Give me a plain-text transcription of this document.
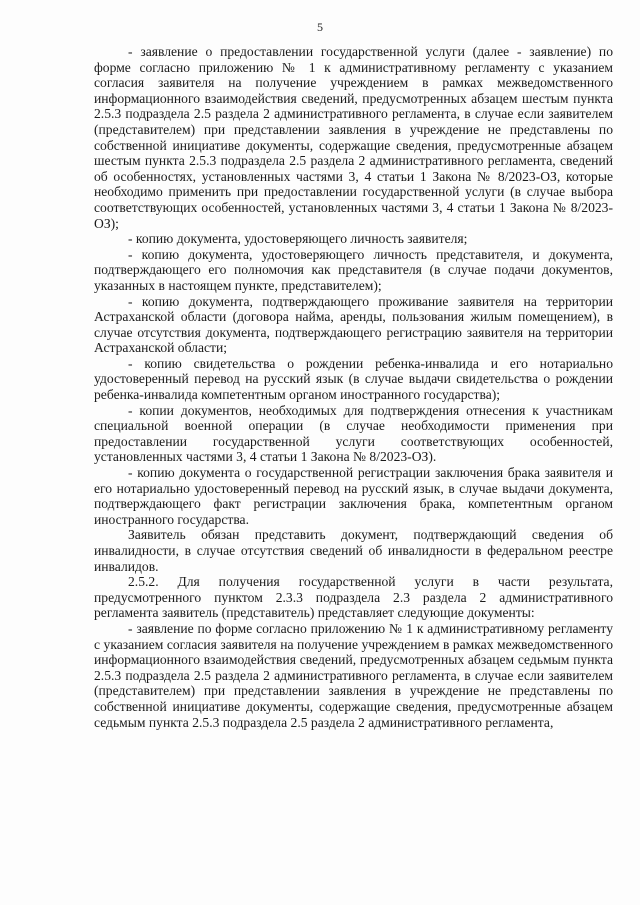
5

- заявление о предоставлении государственной услуги (далее - заявление) по форме согласно приложению № 1 к административному регламенту с указанием согласия заявителя на получение учреждением в рамках межведомственного информационного взаимодействия сведений, предусмотренных абзацем шестым пункта 2.5.3 подраздела 2.5 раздела 2 административного регламента, в случае если заявителем (представителем) при представлении заявления в учреждение не представлены по собственной инициативе документы, содержащие сведения, предусмотренные абзацем шестым пункта 2.5.3 подраздела 2.5 раздела 2 административного регламента, сведений об особенностях, установленных частями 3, 4 статьи 1 Закона № 8/2023-ОЗ, которые необходимо применить при предоставлении государственной услуги (в случае выбора соответствующих особенностей, установленных частями 3, 4 статьи 1 Закона № 8/2023-ОЗ);

- копию документа, удостоверяющего личность заявителя;

- копию документа, удостоверяющего личность представителя, и документа, подтверждающего его полномочия как представителя (в случае подачи документов, указанных в настоящем пункте, представителем);

- копию документа, подтверждающего проживание заявителя на территории Астраханской области (договора найма, аренды, пользования жилым помещением), в случае отсутствия документа, подтверждающего регистрацию заявителя на территории Астраханской области;

- копию свидетельства о рождении ребенка-инвалида и его нотариально удостоверенный перевод на русский язык (в случае выдачи свидетельства о рождении ребенка-инвалида компетентным органом иностранного государства);

- копии документов, необходимых для подтверждения отнесения к участникам специальной военной операции (в случае необходимости применения при предоставлении государственной услуги соответствующих особенностей, установленных частями 3, 4 статьи 1 Закона № 8/2023-ОЗ).

- копию документа о государственной регистрации заключения брака заявителя и его нотариально удостоверенный перевод на русский язык, в случае выдачи документа, подтверждающего факт регистрации заключения брака, компетентным органом иностранного государства.

Заявитель обязан представить документ, подтверждающий сведения об инвалидности, в случае отсутствия сведений об инвалидности в федеральном реестре инвалидов.

2.5.2. Для получения государственной услуги в части результата, предусмотренного пунктом 2.3.3 подраздела 2.3 раздела 2 административного регламента заявитель (представитель) представляет следующие документы:

- заявление по форме согласно приложению № 1 к административному регламенту с указанием согласия заявителя на получение учреждением в рамках межведомственного информационного взаимодействия сведений, предусмотренных абзацем седьмым пункта 2.5.3 подраздела 2.5 раздела 2 административного регламента, в случае если заявителем (представителем) при представлении заявления в учреждение не представлены по собственной инициативе документы, содержащие сведения, предусмотренные абзацем седьмым пункта 2.5.3 подраздела 2.5 раздела 2 административного регламента,
